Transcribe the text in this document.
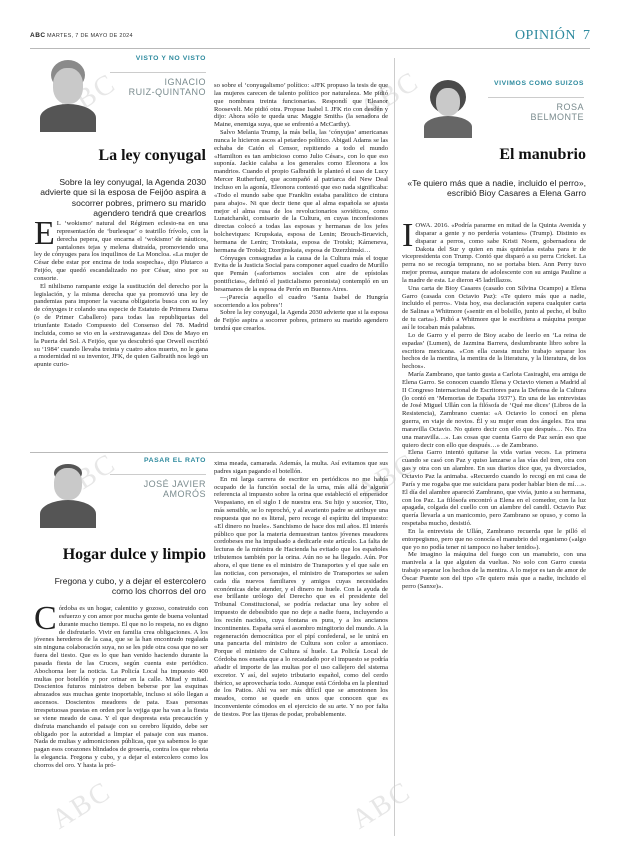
ABC MARTES, 7 DE MAYO DE 2024	OPINIÓN 7
ABC	ABC
ABC	ABC
ABC	ABC
VISTO Y NO VISTO
IGNACIO
RUIZ-QUINTANO
La ley conyugal
Sobre la ley conyugal, la Agenda 2030 advierte que si la esposa de Feijóo aspira a socorrer pobres, primero su marido agendero tendrá que crearlos

E L ‘wokismo’ natural del Régimen eclesio-na en una representación de ‘burlesque’ o teatrillo frívolo, con la derecha pepera, que encarna el ‘wokismo’ de náuticos, pantalones tejas y melena distraída, promoviendo una ley de cónyuges para los inquilinos de La Moncloa. «La mujer de César debe estar por encima de toda sospecha», dijo Plutarco a Feijóo, que quedó escandalizado no por César, sino por su consorte.

El nihilismo rampante exige la sustitución del derecho por la legislación, y la misma derecha que ya promovió una ley de pandemias para imponer la vacuna obligatoria busca con su ley de cónyuges ir colando una especie de Estatuto de Primera Dama (o de Primer Caballero) para todas las republiquetas del triunfante Estado Compuesto del Consenso del 78. Madrid incluida, como se vio en la «extravaganza» del Dos de Mayo en la Puerta del Sol. A Feijóo, que ya descubrió que Orwell escribió su ‘1984’ cuando llevaba treinta y cuatro años muerto, no le gana a modernidad ni su inventor, JFK, de quien Galbraith nos legó un apunte curio-

so sobre el ‘conyugalismo’ político: «JFK propuso la tesis de que las mujeres carecen de talento político por naturaleza. Me pidió que nombrara treinta funcionarias. Respondí que Eleanor Roosevelt. Me pidió otra. Propuse Isabel I. JFK rio con desdén y dijo: Ahora sólo te queda una: Maggie Smith» (la senadora de Maine, enemiga suya, que se enfrentó a McCarthy).

Salvo Melania Trump, la más bella, las ‘cónyujas’ americanas nunca le hicieron ascos al petardeo político. Abigail Adams se las echaba de Catón el Censor, repitiendo a todo el mundo «Hamilton es tan ambicioso como Julio César», con lo que eso suponía. Jackie calaba a los generales como Eleonora a los mandrios. Cuando el propio Galbraith le planteó el caso de Lucy Mercer Rutherfurd, que acompañó al patriarca del New Deal incluso en la agonía, Eleonora contestó que eso nada significaba: «Todo el mundo sabe que Franklin estaba paralítico de cintura para abajo». Ni que decir tiene que al alma española se ajusta mejor el alma rusa de los revolucionarios soviéticos, como Lunatcharski, comisario de la Cultura, en cuyas inconfesiones directas colocó a todas las esposas y hermanas de los jefes bolcheviques: Krupskaia, esposa de Lenin; Brouch-Bruevich, hermana de Lenin; Trotskaia, esposa de Trotski; Kámeneva, hermana de Trotski; Dzerjinskaia, esposa de Dzerzhinski…

Cónyuges consagradas a la causa de la Cultura más el toque Evita de la Justicia Social para componer aquel cuadro de Murillo que Pemán («aforismos sociales con aire de epístolas pontificias», definió el justicialismo peronista) contempló en un besamanos de la esposa de Perón en Buenos Aires.

—¡Parecía aquello el cuadro ‘Santa Isabel de Hungría socorriendo a los pobres’!

Sobre la ley conyugal, la Agenda 2030 advierte que si la esposa de Feijóo aspira a socorrer pobres, primero su marido agendero tendrá que crearlos.

PASAR EL RATO
JOSÉ JAVIER
AMORÓS
Hogar dulce y limpio
Fregona y cubo, y a dejar el estercolero como los chorros del oro

Córdoba es un hogar, calentito y gozoso, construido con esfuerzo y con amor por mucha gente de buena voluntad durante mucho tiempo. El que no lo respeta, no es digno de disfrutarlo. Vivir en familia crea obligaciones. A los jóvenes herederos de la casa, que se la han encontrado regalada sin ninguna colaboración suya, no se les pide otra cosa que no ser fuera del tiesto. Que es lo que han venido haciendo durante la pasada fiesta de las Cruces, según cuenta este periódico. Abochorna leer la noticia. La Policía Local ha impuesto 400 multas por botellón y por orinar en la calle. Mitad y mitad. Doscientos futuros ministros deben beberse por las esquinas abrazados sus muchas gente inoportable, incluso si sólo llegan a ascensos. Doscientos meadores de pata. Esas personas irrespetuosas puestas en orden por la vejiga que ha van a la fiesta se viene meado de casa. Y el que despresta esta precaución y disfruta manchando el paisaje con su cerebro líquido, debe ser obligado por la autoridad a limpiar el paisaje con sus manos. Nada de multas y admoniciones públicas, que ya sabemos lo que pagan esos corazones blindados de grosería, contra los que rebota la elegancia. Fregona y cubo, y a dejar el estercolero como los chorros del oro. Y hasta la pró-

xima meada, camarada. Además, la multa. Así evitamos que sus padres sigan pagando el botellón.

En mi larga carrera de escritor en periódicos no me había ocupado de la función social de la urna, más allá de alguna referencia al impuesto sobre la orina que estableció el emperador Vespasiano, en el siglo I de nuestra era. Su hijo y sucesor, Tito, más sensible, se lo reprochó, y al avariento padre se atribuye una respuesta que no es literal, pero recoge el espíritu del impuesto: «El dinero no huele». Sanchismo de hace dos mil años. El interés público que por la materia demuestran tantos jóvenes meadores cordobeses me ha impulsado a dedicarle este artículo. La falta de lecturas de la ministra de Hacienda ha evitado que los españoles tributemos también por la orina. Aún no se ha llegado. Aún. Por ahora, el que tiene es el ministro de Transportes y el que sale en las noticias, con personajes, el ministro de Transportes se salen cada día nuevos familiares y amigos cuyas necesidades económicas debe atender, y el dinero no huele. Con la ayuda de ese brillante urólogo del Derecho que es el presidente del Tribunal Constitucional, se podría redactar una ley sobre el impuesto de debesíbido que no deje a nadie fuera, incluyendo a los recién nacidos, cuya fontana es pura, y a los ancianos incontinentes. España será el asombro mingitorio del mundo. A la regeneración democrática por el pipí confederal, se le unirá en una pancarta del ministro de Cultura son color a amoníaco. Porque el ministro de Cultura sí huele. La Policía Local de Córdoba nos enseña que a lo recaudado por el impuesto se podría añadir el importe de las multas por el uso callejero del sistema excretor. Y así, del sujeto tributario español, como del cerdo ibérico, se aprovecharía todo. Aunque está Córdoba en la plenitud de los Patios. Ahí va ser más difícil que se amontonen los meados, como se quede en unos que conocen que es inconveniente cómodos en el ejercicio de su arte. Y no por falta de tiestos. Por las tijeras de podar, probablemente.

VIVIMOS COMO SUIZOS
ROSA
BELMONTE
El manubrio
«Te quiero más que a nadie, incluido el perro», escribió Bioy Casares a Elena Garro

IOWA. 2016. «Podría pararme en mitad de la Quinta Avenida y disparar a gente y no perdería votantes» (Trump). Distinto es disparar a perros, como sabe Kristi Noem, gobernadora de Dakota del Sur y quien en más quinielas estaba para ir de vicepresidenta con Trump. Contó que disparó a su perra Cricket. La perra no se recogía temprano, no se portaba bien. Ann Perry tuvo mejor prensa, aunque matara de adolescente con su amiga Pauline a la madre de esta. Le dieron 45 ladrillazos.

Una carta de Bioy Casares (casado con Silvina Ocampo) a Elena Garro (casada con Octavio Paz): «Te quiero más que a nadie, incluido el perro». Vista hoy, esa declaración supera cualquier carta de Salinas a Whitmore («sentir en el bolsillo, junto al pecho, el bulto de tu carta»). Pidió a Whitmore que le escribiera a máquina porque así le tocaban más palabras.

Lo de Garro y el perro de Bioy acabo de leerlo en ‘La reina de espadas’ (Lumen), de Jazmina Barrera, deslumbrante libro sobre la escritora mexicana. «Con ella cuesta mucho trabajo separar los hechos de la mentira, la mentira de la literatura, y la literatura, de los hechos».

María Zambrano, que tanto gusta a Carlota Casiraghi, era amiga de Elena Garro. Se conocen cuando Elena y Octavio vienen a Madrid al II Congreso Internacional de Escritores para la Defensa de la Cultura (lo contó en ‘Memorias de España 1937’). En una de las entrevistas de José Miguel Ullán con la filósofa de ‘Qué me dices’ (Libros de la Resistencia), Zambrano cuenta: «A Octavio lo conocí en plena guerra, en viaje de novios. Él y su mujer eran dos ángeles. Era una maravilla Octavio. No quiero decir con ello que después… No. Era una maravilla…». Las cosas que cuenta Garro de Paz serán eso que quiero decir con ello que después…» de Zambrano.

Elena Garro intentó quitarse la vida varias veces. La primera cuando se casó con Paz y quiso lanzarse a las vías del tren, otra con gas y otra con un alambre. En sus diarios dice que, ya divorciados, Octavio Paz la animaba. «Recuerdo cuando lo recogí en mi casa de París y me rogaba que me suicidara para poder hablar bien de mí…». El día del alambre apareció Zambrano, que vivía, junto a su hermana, con los Paz. La filósofa encontró a Elena en el comedor, con la luz apagada, colgada del cuello con un alambre del candil. Octavio Paz quería llevarla a un manicomio, pero Zambrano se opuso, y como la respetaba mucho, desistió.

En la entrevista de Ullán, Zambrano recuerda que le pilló el entorpegismo, pero que no conocía el manubrio del organismo («algo que yo no podía tener ni tampoco no haber tenido»).

Me imagino la máquina del fuego con un manubrio, con una manivela a la que alguien da vueltas. No solo con Garro cuesta trabajo separar los hechos de la mentira. A lo mejor es tan de amor de Óscar Puente son del tipo «Te quiero más que a nadie, incluido el perro (Sanxe)».
